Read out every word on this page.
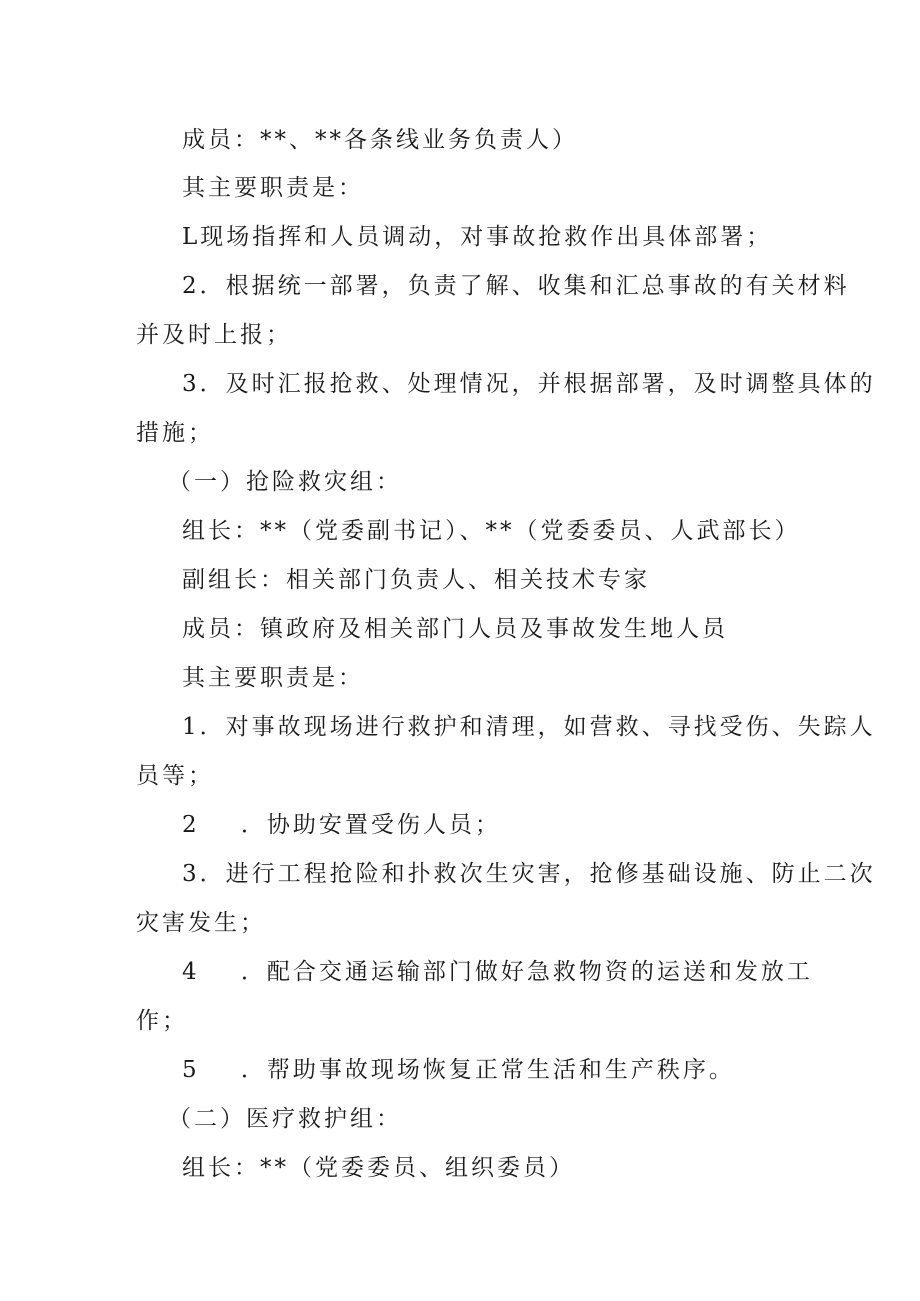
成员：**、**各条线业务负责人）
其主要职责是：
L现场指挥和人员调动，对事故抢救作出具体部署；
2．根据统一部署，负责了解、收集和汇总事故的有关材料
并及时上报；
3．及时汇报抢救、处理情况，并根据部署，及时调整具体的
措施；
（一）抢险救灾组：
组长：**（党委副书记）、**（党委委员、人武部长）
副组长：相关部门负责人、相关技术专家
成员：镇政府及相关部门人员及事故发生地人员
其主要职责是：
1．对事故现场进行救护和清理，如营救、寻找受伤、失踪人
员等；
2    ．协助安置受伤人员；
3．进行工程抢险和扑救次生灾害，抢修基础设施、防止二次
灾害发生；
4    ．配合交通运输部门做好急救物资的运送和发放工
作；
5    ．帮助事故现场恢复正常生活和生产秩序。
（二）医疗救护组：
组长：**（党委委员、组织委员）
